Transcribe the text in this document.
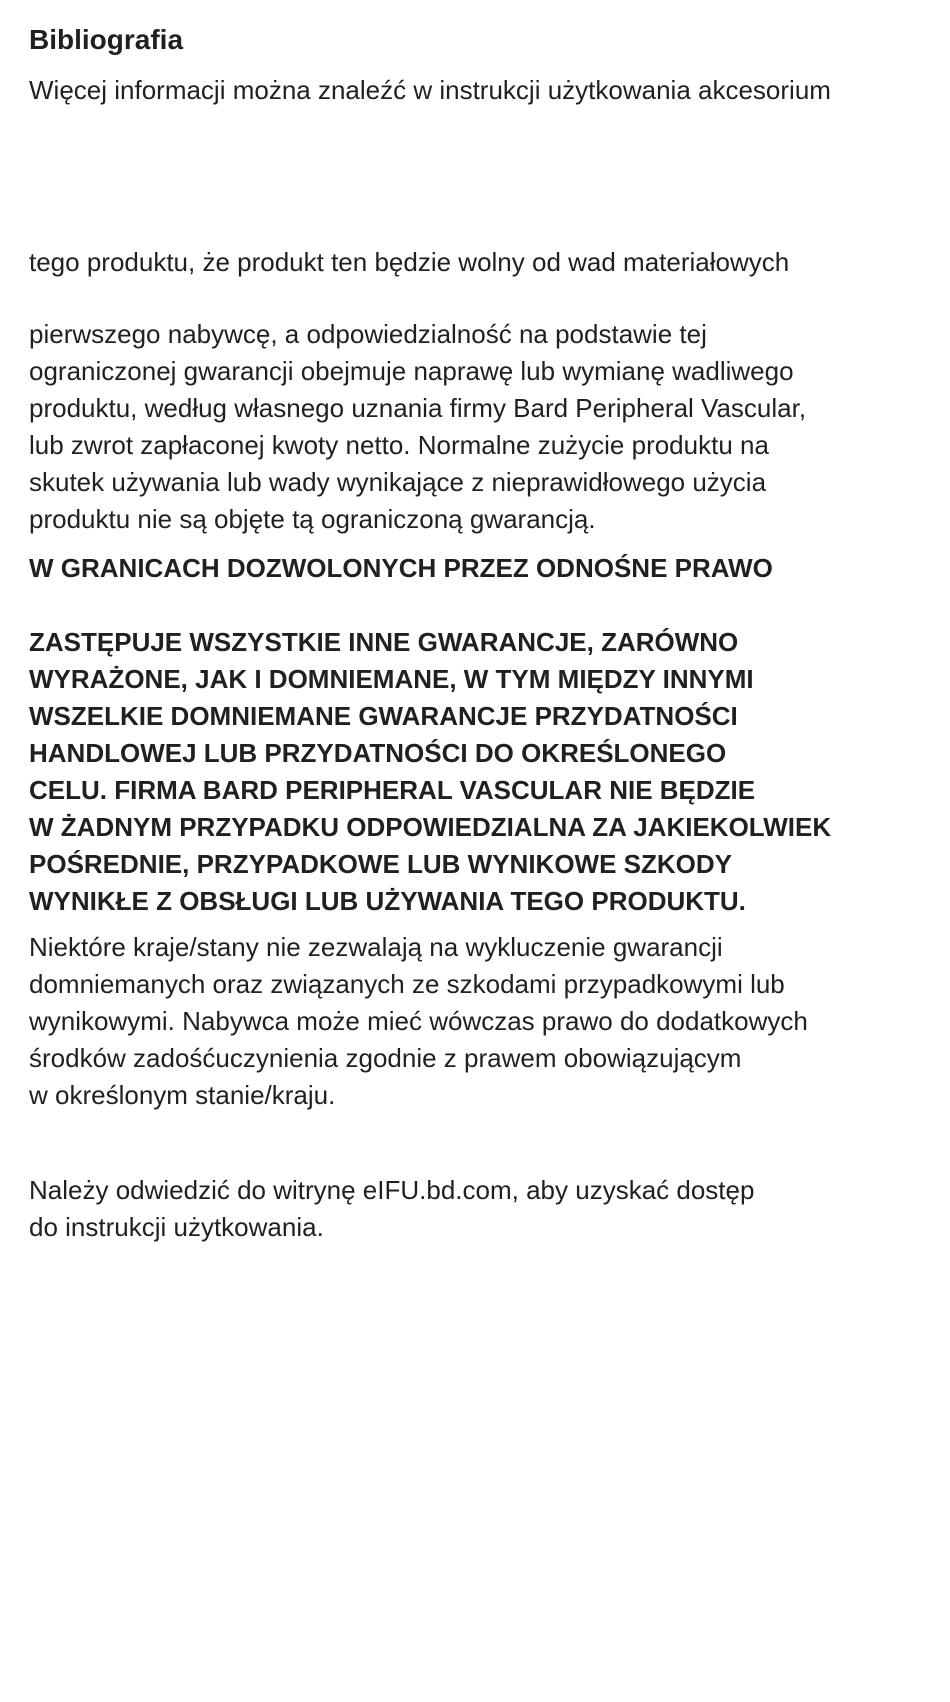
Bibliografia
Więcej informacji można znaleźć w instrukcji użytkowania akcesorium
tego produktu, że produkt ten będzie wolny od wad materiałowych
pierwszego nabywcę, a odpowiedzialność na podstawie tej
ograniczonej gwarancji obejmuje naprawę lub wymianę wadliwego
produktu, według własnego uznania firmy Bard Peripheral Vascular,
lub zwrot zapłaconej kwoty netto. Normalne zużycie produktu na
skutek używania lub wady wynikające z nieprawidłowego użycia
produktu nie są objęte tą ograniczoną gwarancją.
W GRANICACH DOZWOLONYCH PRZEZ ODNOŚNE PRAWO
ZASTĘPUJE WSZYSTKIE INNE GWARANCJE, ZARÓWNO
WYRAŻONE, JAK I DOMNIEMANE, W TYM MIĘDZY INNYMI
WSZELKIE DOMNIEMANE GWARANCJE PRZYDATNOŚCI
HANDLOWEJ LUB PRZYDATNOŚCI DO OKREŚLONEGO
CELU. FIRMA BARD PERIPHERAL VASCULAR NIE BĘDZIE
W ŻADNYM PRZYPADKU ODPOWIEDZIALNA ZA JAKIEKOLWIEK
POŚREDNIE, PRZYPADKOWE LUB WYNIKOWE SZKODY
WYNIKŁE Z OBSŁUGI LUB UŻYWANIA TEGO PRODUKTU.
Niektóre kraje/stany nie zezwalają na wykluczenie gwarancji
domniemanych oraz związanych ze szkodami przypadkowymi lub
wynikowymi. Nabywca może mieć wówczas prawo do dodatkowych
środków zadośćuczynienia zgodnie z prawem obowiązującym
w określonym stanie/kraju.
Należy odwiedzić do witrynę eIFU.bd.com, aby uzyskać dostęp
do instrukcji użytkowania.
